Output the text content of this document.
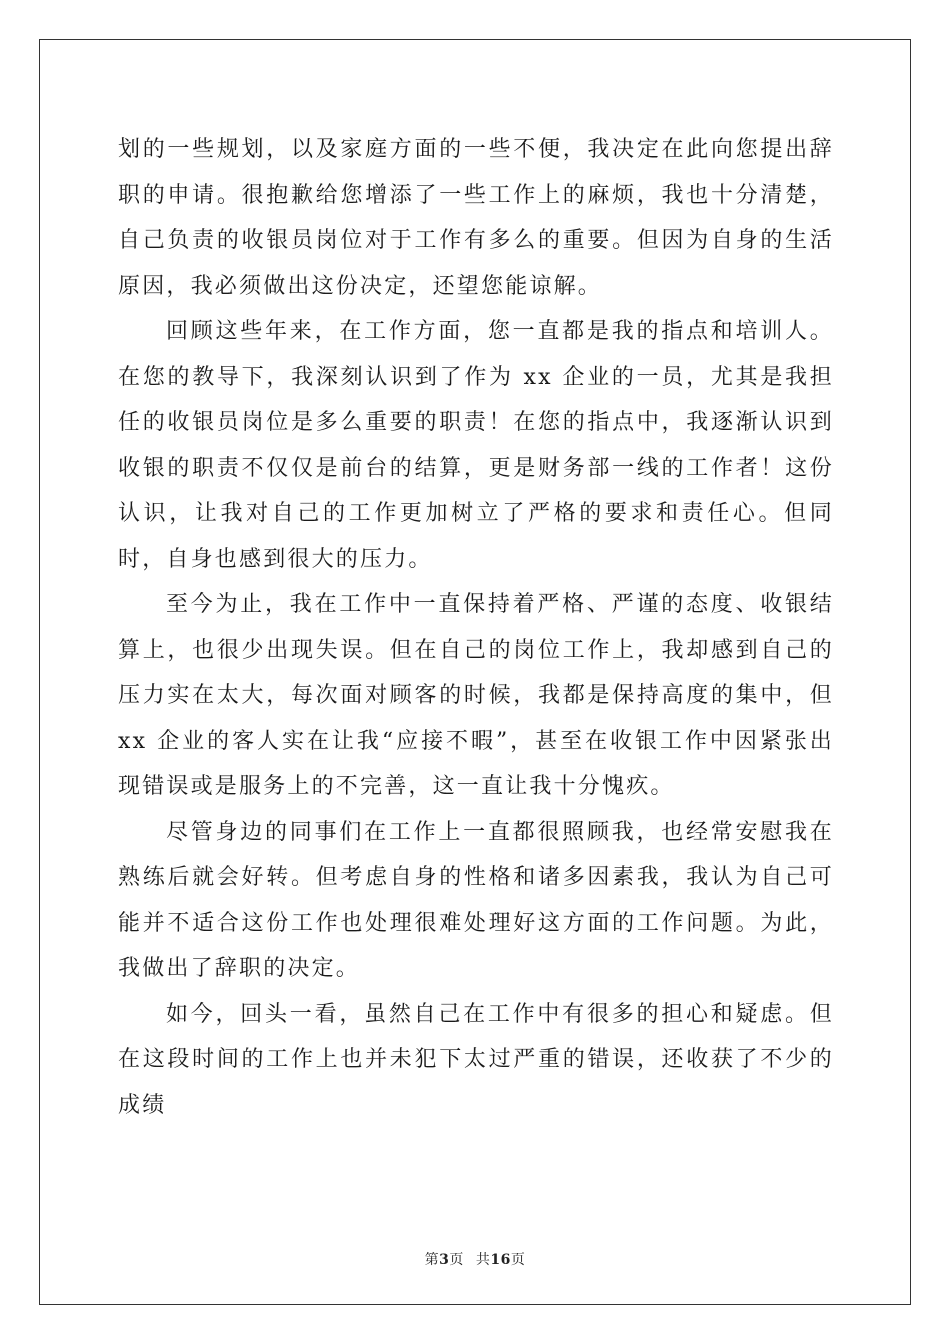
划的一些规划，以及家庭方面的一些不便，我决定在此向您提出辞职的申请。很抱歉给您增添了一些工作上的麻烦，我也十分清楚，自己负责的收银员岗位对于工作有多么的重要。但因为自身的生活原因，我必须做出这份决定，还望您能谅解。

回顾这些年来，在工作方面，您一直都是我的指点和培训人。在您的教导下，我深刻认识到了作为 xx 企业的一员，尤其是我担任的收银员岗位是多么重要的职责！在您的指点中，我逐渐认识到收银的职责不仅仅是前台的结算，更是财务部一线的工作者！这份认识，让我对自己的工作更加树立了严格的要求和责任心。但同时，自身也感到很大的压力。

至今为止，我在工作中一直保持着严格、严谨的态度、收银结算上，也很少出现失误。但在自己的岗位工作上，我却感到自己的压力实在太大，每次面对顾客的时候，我都是保持高度的集中，但 xx 企业的客人实在让我“应接不暇”，甚至在收银工作中因紧张出现错误或是服务上的不完善，这一直让我十分愧疚。

尽管身边的同事们在工作上一直都很照顾我，也经常安慰我在熟练后就会好转。但考虑自身的性格和诸多因素我，我认为自己可能并不适合这份工作也处理很难处理好这方面的工作问题。为此，我做出了辞职的决定。

如今，回头一看，虽然自己在工作中有很多的担心和疑虑。但在这段时间的工作上也并未犯下太过严重的错误，还收获了不少的成绩

第3页 共16页
